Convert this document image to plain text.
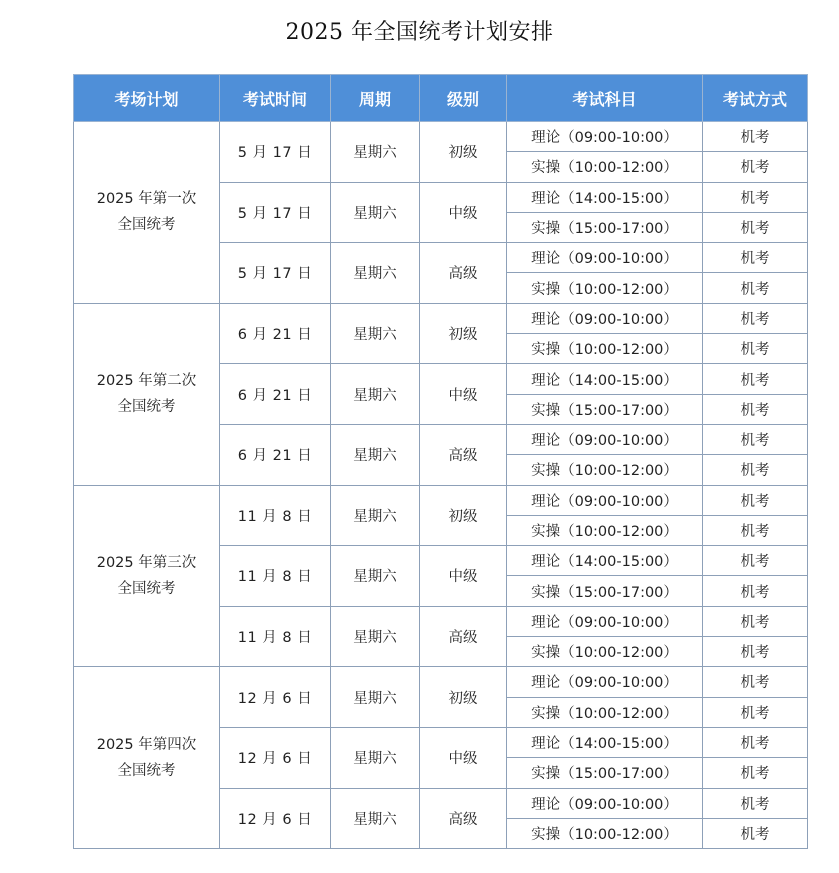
2025 年全国统考计划安排
考场计划	考试时间	周期	级别	考试科目	考试方式

2025 年第一次
全国统考	5 月 17 日	星期六	初级	理论（09:00-10:00）	机考
				实操（10:00-12:00）	机考
	5 月 17 日	星期六	中级	理论（14:00-15:00）	机考
				实操（15:00-17:00）	机考
	5 月 17 日	星期六	高级	理论（09:00-10:00）	机考
				实操（10:00-12:00）	机考

2025 年第二次
全国统考	6 月 21 日	星期六	初级	理论（09:00-10:00）	机考
				实操（10:00-12:00）	机考
	6 月 21 日	星期六	中级	理论（14:00-15:00）	机考
				实操（15:00-17:00）	机考
	6 月 21 日	星期六	高级	理论（09:00-10:00）	机考
				实操（10:00-12:00）	机考

2025 年第三次
全国统考	11 月 8 日	星期六	初级	理论（09:00-10:00）	机考
				实操（10:00-12:00）	机考
	11 月 8 日	星期六	中级	理论（14:00-15:00）	机考
				实操（15:00-17:00）	机考
	11 月 8 日	星期六	高级	理论（09:00-10:00）	机考
				实操（10:00-12:00）	机考

2025 年第四次
全国统考	12 月 6 日	星期六	初级	理论（09:00-10:00）	机考
				实操（10:00-12:00）	机考
	12 月 6 日	星期六	中级	理论（14:00-15:00）	机考
				实操（15:00-17:00）	机考
	12 月 6 日	星期六	高级	理论（09:00-10:00）	机考
				实操（10:00-12:00）	机考
